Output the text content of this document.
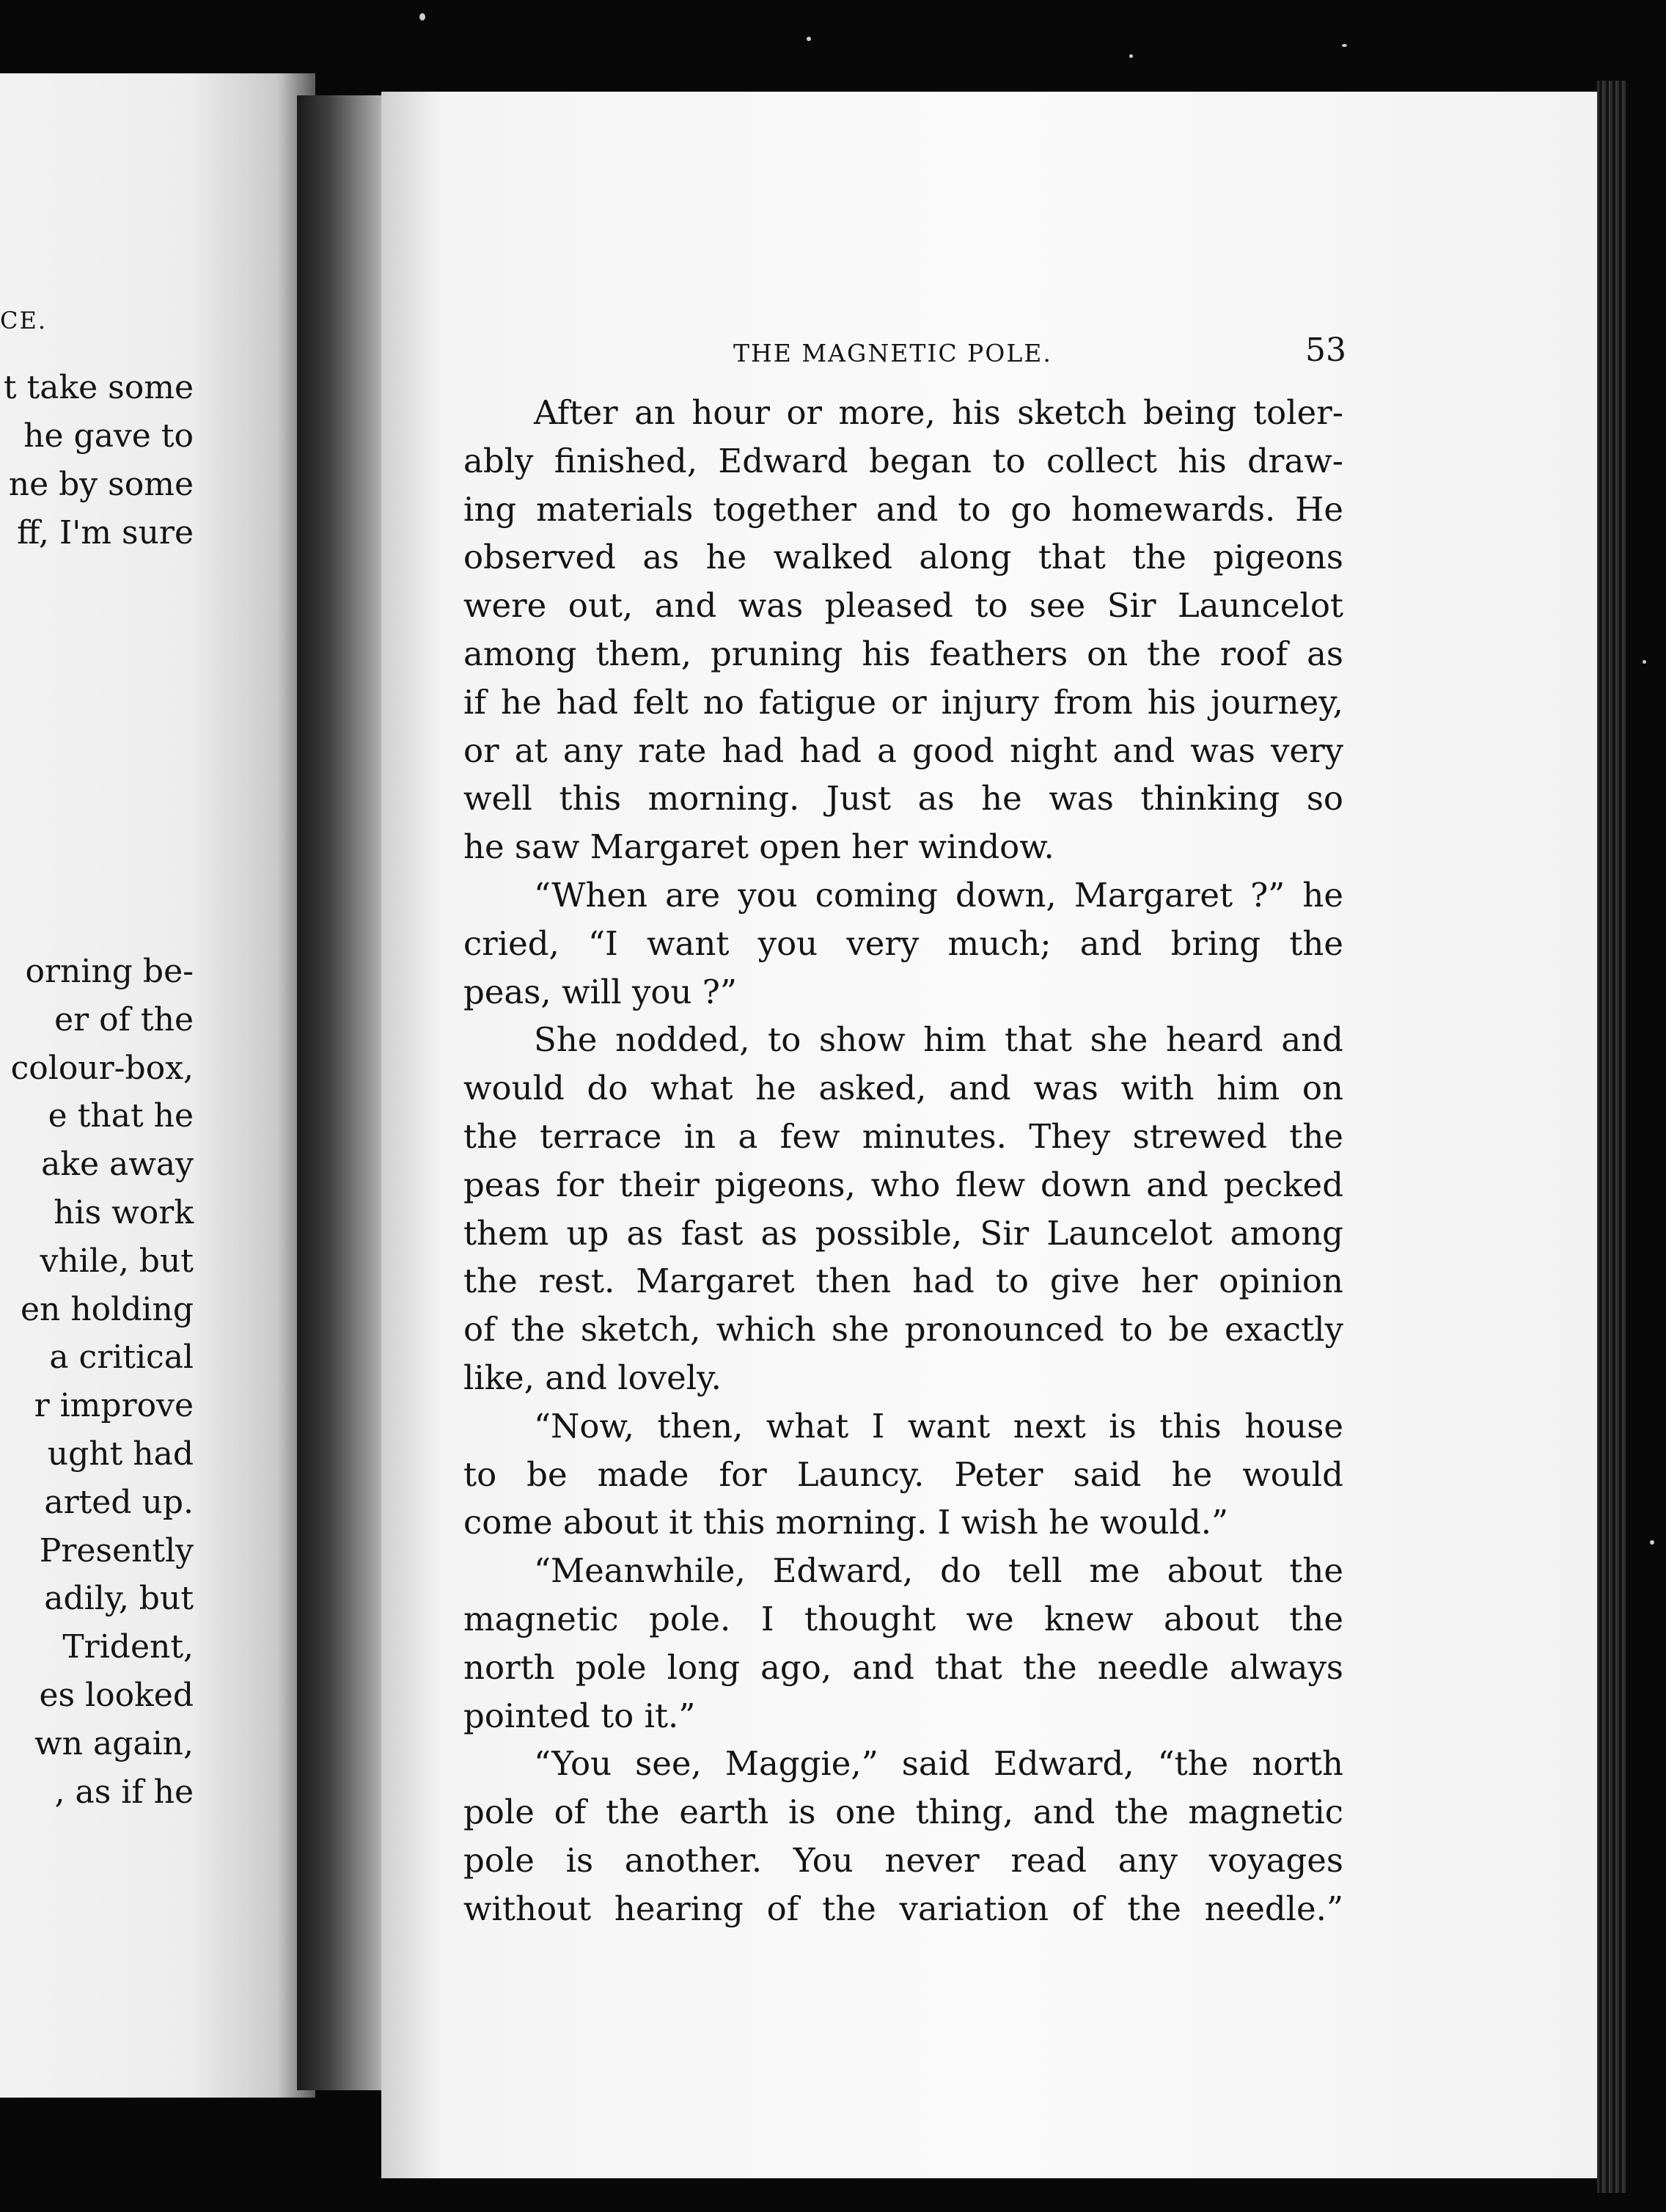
CE.

t take some

he gave to

ne by some

ff, I'm sure

orning be-

er of the

colour-box,

e that he

ake away

his work

vhile, but

en holding

a critical

r improve

ught had

arted up.

Presently

adily, but

Trident,

es looked

wn again,

, as if he

THE MAGNETIC POLE.	53

After an hour or more, his sketch being toler-

ably finished, Edward began to collect his draw-

ing materials together and to go homewards. He

observed as he walked along that the pigeons

were out, and was pleased to see Sir Launcelot

among them, pruning his feathers on the roof as

if he had felt no fatigue or injury from his journey,

or at any rate had had a good night and was very

well this morning. Just as he was thinking so

he saw Margaret open her window.

“When are you coming down, Margaret ?” he

cried, “I want you very much; and bring the

peas, will you ?”

She nodded, to show him that she heard and

would do what he asked, and was with him on

the terrace in a few minutes. They strewed the

peas for their pigeons, who flew down and pecked

them up as fast as possible, Sir Launcelot among

the rest. Margaret then had to give her opinion

of the sketch, which she pronounced to be exactly

like, and lovely.

“Now, then, what I want next is this house

to be made for Launcy. Peter said he would

come about it this morning. I wish he would.”

“Meanwhile, Edward, do tell me about the

magnetic pole. I thought we knew about the

north pole long ago, and that the needle always

pointed to it.”

“You see, Maggie,” said Edward, “the north

pole of the earth is one thing, and the magnetic

pole is another. You never read any voyages

without hearing of the variation of the needle.”
